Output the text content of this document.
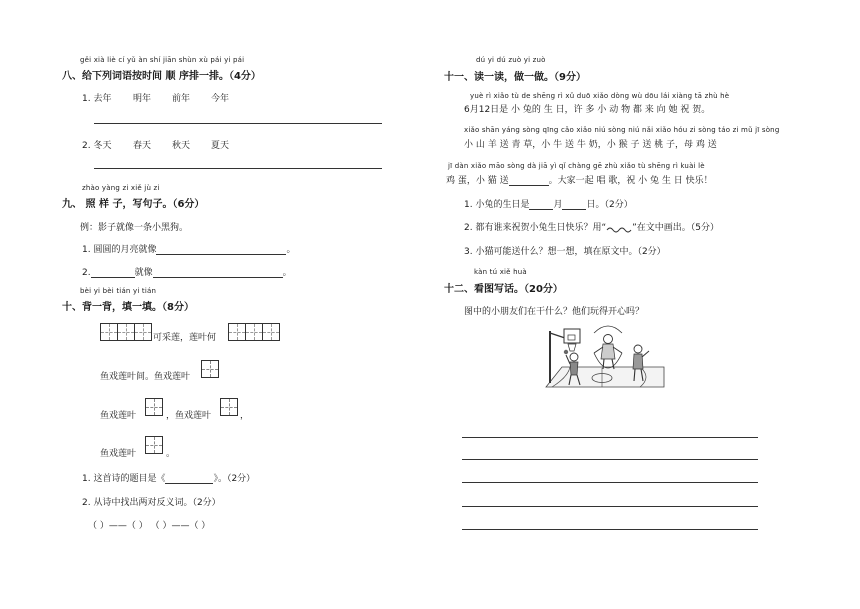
gěi xià liè cí yǔ àn shí jiān shùn xù pái yi pái
八、给下列词语按时间 顺 序排一排。（4分）
1. 去年 明年 前年 今年
2. 冬天 春天 秋天 夏天
zhào yàng zi xiě jù zi
九、 照 样 子，写句子。（6分）
例：影子就像一条小黑狗。
1. 圆圆的月亮就像	。
2.	就像	。
bèi yi bèi tián yi tián
十、背一背，填一填。（8分）
可采莲，莲叶何
鱼戏莲叶间。鱼戏莲叶
鱼戏莲叶	，鱼戏莲叶	，
鱼戏莲叶	。
1. 这首诗的题目是《	》。（2分）
2. 从诗中找出两对反义词。（2分）
（ ）——（ ） （ ）——（ ）
dú yi dú zuò yi zuò
十一、读一读，做一做。（9分）
yuè rì xiǎo tù de shēng rì xǔ duō xiǎo dòng wù dōu lái xiàng tā zhù hè
6月12日是 小 兔的 生 日，许 多 小 动 物 都 来 向 她 祝 贺。
xiǎo shān yáng sòng qīng cǎo xiǎo niú sòng niú nǎi xiǎo hóu zi sòng táo zi mǔ jī sòng
小 山 羊 送 青 草，小 牛 送 牛 奶，小 猴 子 送 桃 子，母 鸡 送
jī dàn xiǎo māo sòng dà jiā yì qǐ chàng gē zhù xiǎo tù shēng rì kuài lè
鸡 蛋，小 猫 送	。大家一起 唱 歌，祝 小 兔 生 日 快乐！
1. 小兔的生日是	月	日。（2分）
2. 都有谁来祝贺小兔生日快乐？用“	”在文中画出。（5分）
3. 小猫可能送什么？想一想，填在原文中。（2分）
kàn tú xiě huà
十二、看图写话。（20分）
图中的小朋友们在干什么？他们玩得开心吗？
